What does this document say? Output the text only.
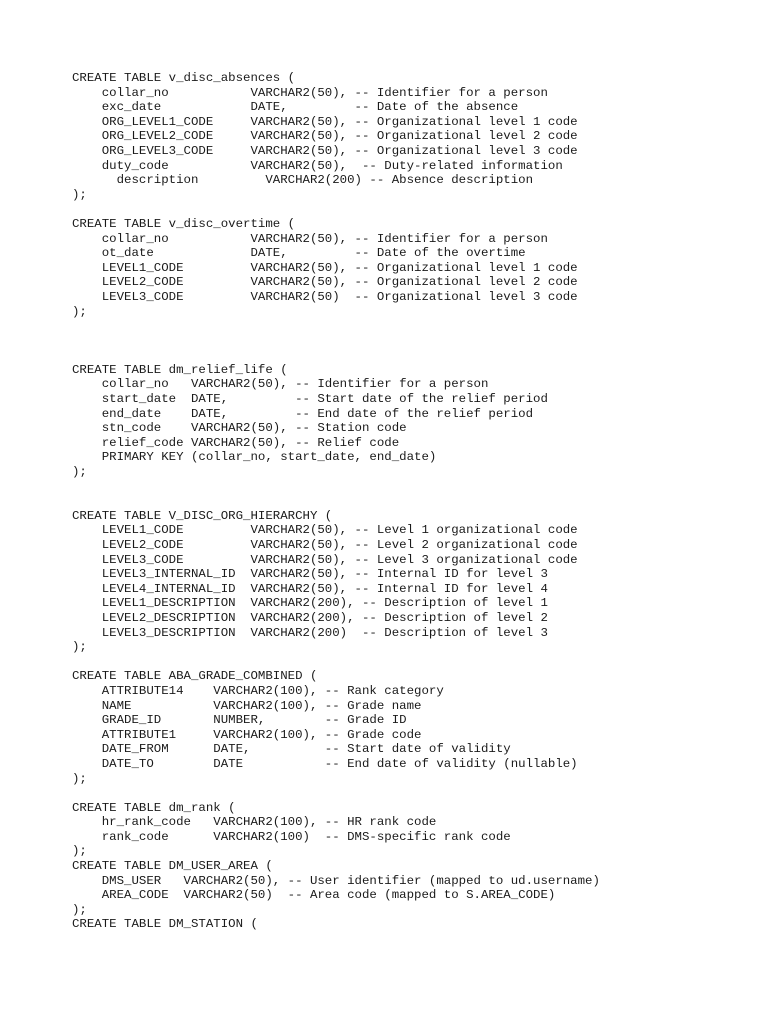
CREATE TABLE v_disc_absences (
collar_no           VARCHAR2(50), -- Identifier for a person
exc_date            DATE,         -- Date of the absence
ORG_LEVEL1_CODE     VARCHAR2(50), -- Organizational level 1 code
ORG_LEVEL2_CODE     VARCHAR2(50), -- Organizational level 2 code
ORG_LEVEL3_CODE     VARCHAR2(50), -- Organizational level 3 code
duty_code           VARCHAR2(50),  -- Duty-related information
description         VARCHAR2(200) -- Absence description
);
CREATE TABLE v_disc_overtime (
collar_no           VARCHAR2(50), -- Identifier for a person
ot_date             DATE,         -- Date of the overtime
LEVEL1_CODE         VARCHAR2(50), -- Organizational level 1 code
LEVEL2_CODE         VARCHAR2(50), -- Organizational level 2 code
LEVEL3_CODE         VARCHAR2(50)  -- Organizational level 3 code
);
CREATE TABLE dm_relief_life (
collar_no   VARCHAR2(50), -- Identifier for a person
start_date  DATE,         -- Start date of the relief period
end_date    DATE,         -- End date of the relief period
stn_code    VARCHAR2(50), -- Station code
relief_code VARCHAR2(50), -- Relief code
PRIMARY KEY (collar_no, start_date, end_date)
);
CREATE TABLE V_DISC_ORG_HIERARCHY (
LEVEL1_CODE         VARCHAR2(50), -- Level 1 organizational code
LEVEL2_CODE         VARCHAR2(50), -- Level 2 organizational code
LEVEL3_CODE         VARCHAR2(50), -- Level 3 organizational code
LEVEL3_INTERNAL_ID  VARCHAR2(50), -- Internal ID for level 3
LEVEL4_INTERNAL_ID  VARCHAR2(50), -- Internal ID for level 4
LEVEL1_DESCRIPTION  VARCHAR2(200), -- Description of level 1
LEVEL2_DESCRIPTION  VARCHAR2(200), -- Description of level 2
LEVEL3_DESCRIPTION  VARCHAR2(200)  -- Description of level 3
);
CREATE TABLE ABA_GRADE_COMBINED (
ATTRIBUTE14    VARCHAR2(100), -- Rank category
NAME           VARCHAR2(100), -- Grade name
GRADE_ID       NUMBER,        -- Grade ID
ATTRIBUTE1     VARCHAR2(100), -- Grade code
DATE_FROM      DATE,          -- Start date of validity
DATE_TO        DATE           -- End date of validity (nullable)
);
CREATE TABLE dm_rank (
hr_rank_code   VARCHAR2(100), -- HR rank code
rank_code      VARCHAR2(100)  -- DMS-specific rank code
);
CREATE TABLE DM_USER_AREA (
DMS_USER   VARCHAR2(50), -- User identifier (mapped to ud.username)
AREA_CODE  VARCHAR2(50)  -- Area code (mapped to S.AREA_CODE)
);
CREATE TABLE DM_STATION (
